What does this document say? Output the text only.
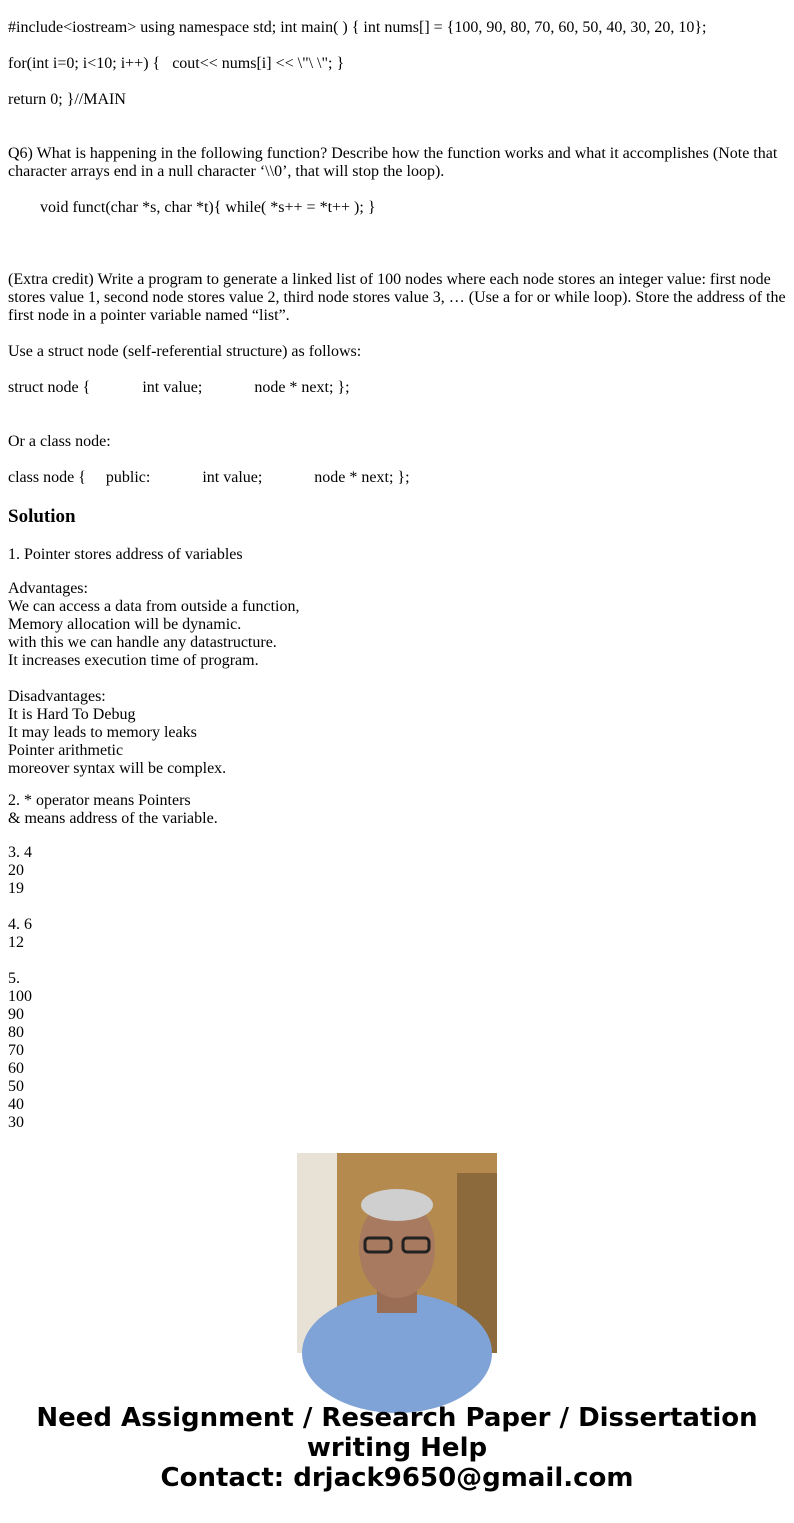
#include<iostream> using namespace std; int main( ) { int nums[] = {100, 90, 80, 70, 60, 50, 40, 30, 20, 10};
for(int i=0; i<10; i++) {   cout<< nums[i] << \"\ \"; }
return 0; }//MAIN
Q6) What is happening in the following function? Describe how the function works and what it accomplishes (Note that character arrays end in a null character ‘\\0’, that will stop the loop).
void funct(char *s, char *t){ while( *s++ = *t++ ); }
(Extra credit) Write a program to generate a linked list of 100 nodes where each node stores an integer value: first node stores value 1, second node stores value 2, third node stores value 3, … (Use a for or while loop). Store the address of the first node in a pointer variable named “list”.
Use a struct node (self-referential structure) as follows:
struct node {             int value;             node * next; };
Or a class node:
class node {     public:             int value;             node * next; };
Solution
1. Pointer stores address of variables
Advantages:
We can access a data from outside a function,
Memory allocation will be dynamic.
with this we can handle any datastructure.
It increases execution time of program.
Disadvantages:
It is Hard To Debug
It may leads to memory leaks
Pointer arithmetic
moreover syntax will be complex.
2. * operator means Pointers
& means address of the variable.
3. 4
20
19
4. 6
12
5.
100
90
80
70
60
50
40
30
Need Assignment / Research Paper / Dissertation writing Help
Contact: drjack9650@gmail.com
